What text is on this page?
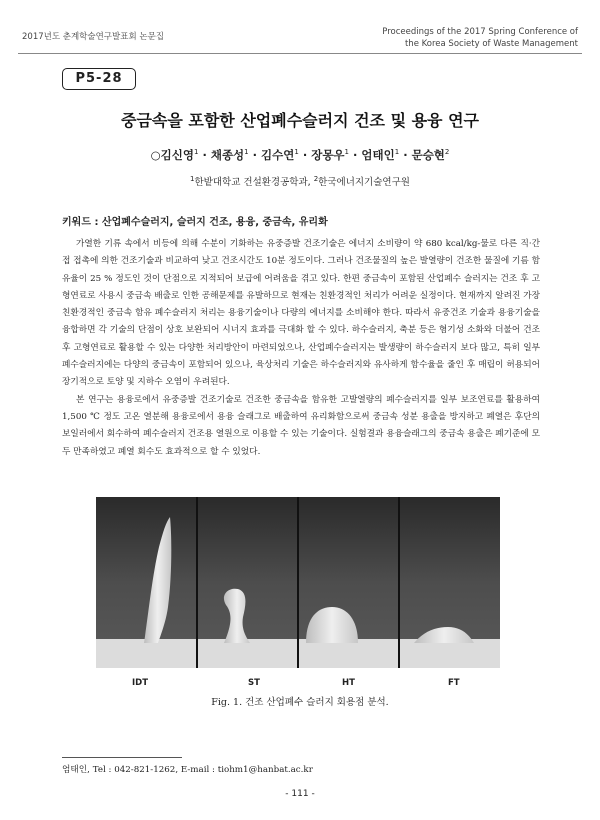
2017년도 춘계학술연구발표회 논문집	Proceedings of the 2017 Spring Conference of
the Korea Society of Waste Management
P5-28
중금속을 포함한 산업폐수슬러지 건조 및 용융 연구
○김신영$^1$ · 채종성$^1$ · 김수연$^1$ · 장몽우$^1$ · 엄태인$^1$ · 문승현$^2$
$^1$한밭대학교 건설환경공학과, $^2$한국에너지기술연구원
키워드 : 산업폐수슬러지, 슬러지 건조, 용융, 중금속, 유리화

가열한 기류 속에서 비등에 의해 수분이 기화하는 유중증발 건조기술은 에너지 소비량이 약 680 kcal/kg-물로 다른 직·간접 접촉에 의한 건조기술과 비교하여 낮고 건조시간도 10분 정도이다. 그러나 건조물질의 높은 발열량이 건조한 물질에 기름 함유율이 25 % 정도인 것이 단점으로 지적되어 보급에 어려움을 겪고 있다. 한편 중금속이 포함된 산업폐수 슬러지는 건조 후 고형연료로 사용시 중금속 배출로 인한 공해문제를 유발하므로 현재는 친환경적인 처리가 어려운 실정이다. 현재까지 알려진 가장 친환경적인 중금속 함유 폐수슬러지 처리는 용융기술이나 다량의 에너지를 소비해야 한다. 따라서 유중건조 기술과 용융기술을 융합하면 각 기술의 단점이 상호 보완되어 시너지 효과를 극대화 할 수 있다. 하수슬러지, 축분 등은 혐기성 소화와 더불어 건조 후 고형연료로 활용할 수 있는 다양한 처리방안이 마련되었으나, 산업폐수슬러지는 발생량이 하수슬러지 보다 많고, 특히 일부 폐수슬러지에는 다양의 중금속이 포함되어 있으나, 육상처리 기술은 하수슬러지와 유사하게 함수율을 줄인 후 매립이 허용되어 장기적으로 토양 및 지하수 오염이 우려된다.

본 연구는 용융로에서 유중증발 건조기술로 건조한 중금속을 함유한 고발열량의 폐수슬러지를 일부 보조연료를 활용하여 1,500 ℃ 정도 고온 열분해 용융로에서 용융 슬래그로 배출하여 유리화함으로써 중금속 성분 용출을 방지하고 폐열은 후단의 보일러에서 회수하여 폐수슬러지 건조용 열원으로 이용할 수 있는 기술이다. 실험결과 용융슬래그의 중금속 용출은 폐기준에 모두 만족하였고 폐열 회수도 효과적으로 할 수 있었다.

IDT	ST	HT	FT
Fig. 1. 건조 산업폐수 슬러지 회용점 분석.
엄태인, Tel : 042-821-1262, E-mail : tiohm1@hanbat.ac.kr
- 111 -
